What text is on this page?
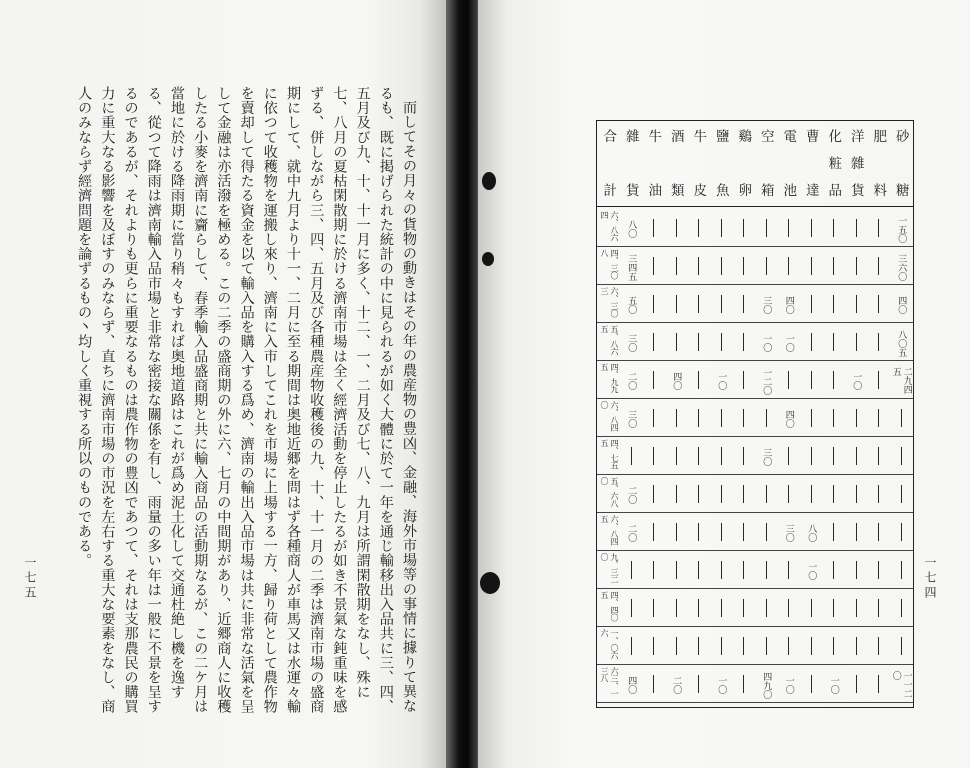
而してその月々の貨物の動きはその年の農産物の豊凶、金融、海外市場等の事情に據りて異なるも、既に掲げられた統計の中に見られるが如く大體に於て一年を通じ輸移出入品共に三、四、五月及び九、十、十一月に多く、十二、一、二月及び七、八、九月は所謂閑散期をなし、殊に七、八月の夏枯閑散期に於ける濟南市場は全く經濟活動を停止したるが如き不景氣な鈍重味を感ずる、併しながら三、四、五月及び各種農産物收穫後の九、十、十一月の二季は濟南市場の盛商期にして、就中九月より十一、二月に至る期間は奥地近郷を問はず各種商人が車馬又は水運々輸に依つて收穫物を運搬し來り、濟南に入市してこれを市場に上場する一方、歸り荷として農作物を賣却して得たる資金を以て輸入品を購入する爲め、濟南の輸出入品市場は共に非常な活氣を呈して金融は亦活潑を極める。この二季の盛商期の外に六、七月の中間期があり、近郷商人に收穫したる小麥を濟南に齎らして、春季輸入品盛商期と共に輸入商品の活動期なるが、この二ケ月は當地に於ける降雨期に當り稍々もすれば奥地道路はこれが爲め泥土化して交通杜絶し機を逸する、從つて降雨は濟南輸入品市場と非常な密接な關係を有し、雨量の多い年は一般に不景を呈するのであるが、それよりも更らに重要なるものは農作物の豊凶であつて、それは支那農民の購買力に重大なる影響を及ぼすのみならず、直ちに濟南市場の市況を左右する重大な要素をなし、商人のみならず經濟問題を論ずるもの丶均しく重視する所以のものである。

一七五
砂
糖
肥
料
洋
雜
貨
化
粧
品
曹
達
電
池
空
箱
鷄
卵
鹽
魚
牛
皮
酒
類
牛
油
雜
貨
合
計
六、八六四
一五〇
八〇
四、三〇八
三六〇
三四五
六、三〇三
四〇
四〇
三〇
五〇
五、八六五
八〇五
一〇
一〇
三〇
四、九九五
二九四五
一〇
一二〇
一〇
四〇
二〇
六、八四〇
四〇
三〇
四、七五五
三〇
五、六八〇
二〇
六、八四五
八〇
三〇
二〇
九、三二〇
一〇
四、四〇五
一、〇六六
六三、一三八	一一二〇
一〇
一〇
四九〇
一〇
二〇
四〇
一七四
